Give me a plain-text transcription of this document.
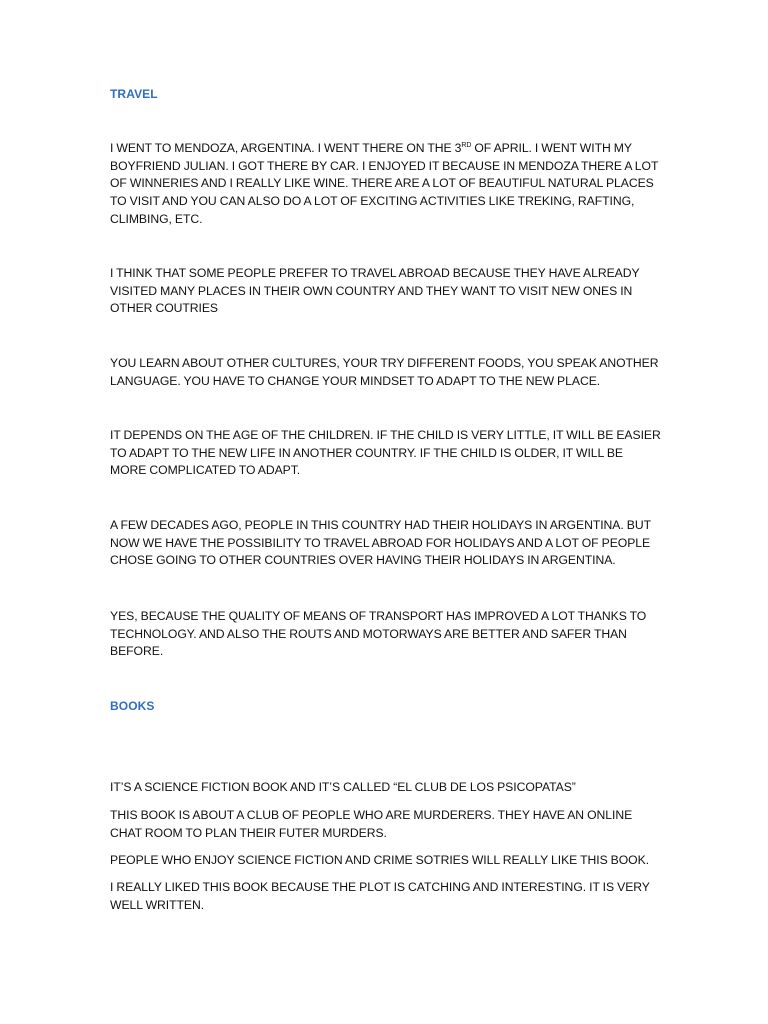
TRAVEL

I WENT TO MENDOZA, ARGENTINA. I WENT THERE ON THE 3RD OF APRIL. I WENT WITH MY BOYFRIEND JULIAN. I GOT THERE BY CAR. I ENJOYED IT BECAUSE IN MENDOZA THERE A LOT OF WINNERIES AND I REALLY LIKE WINE. THERE ARE A LOT OF BEAUTIFUL NATURAL PLACES TO VISIT AND YOU CAN ALSO DO A LOT OF EXCITING ACTIVITIES LIKE TREKING, RAFTING, CLIMBING, ETC.

I THINK THAT SOME PEOPLE PREFER TO TRAVEL ABROAD BECAUSE THEY HAVE ALREADY VISITED MANY PLACES IN THEIR OWN COUNTRY AND THEY WANT TO VISIT NEW ONES IN OTHER COUTRIES

YOU LEARN ABOUT OTHER CULTURES, YOUR TRY DIFFERENT FOODS, YOU SPEAK ANOTHER LANGUAGE. YOU HAVE TO CHANGE YOUR MINDSET TO ADAPT TO THE NEW PLACE.

IT DEPENDS ON THE AGE OF THE CHILDREN. IF THE CHILD IS VERY LITTLE, IT WILL BE EASIER TO ADAPT TO THE NEW LIFE IN ANOTHER COUNTRY. IF THE CHILD IS OLDER, IT WILL BE MORE COMPLICATED TO ADAPT.

A FEW DECADES AGO, PEOPLE IN THIS COUNTRY HAD THEIR HOLIDAYS IN ARGENTINA. BUT NOW WE HAVE THE POSSIBILITY TO TRAVEL ABROAD FOR HOLIDAYS AND A LOT OF PEOPLE CHOSE GOING TO OTHER COUNTRIES OVER HAVING THEIR HOLIDAYS IN ARGENTINA.

YES, BECAUSE THE QUALITY OF MEANS OF TRANSPORT HAS IMPROVED A LOT THANKS TO TECHNOLOGY. AND ALSO THE ROUTS AND MOTORWAYS ARE BETTER AND SAFER THAN BEFORE.

BOOKS

IT’S A SCIENCE FICTION BOOK AND IT’S CALLED “EL CLUB DE LOS PSICOPATAS”

THIS BOOK IS ABOUT A CLUB OF PEOPLE WHO ARE MURDERERS. THEY HAVE AN ONLINE CHAT ROOM TO PLAN THEIR FUTER MURDERS.

PEOPLE WHO ENJOY SCIENCE FICTION AND CRIME SOTRIES WILL REALLY LIKE THIS BOOK.

I REALLY LIKED THIS BOOK BECAUSE THE PLOT IS CATCHING AND INTERESTING. IT IS VERY WELL WRITTEN.
